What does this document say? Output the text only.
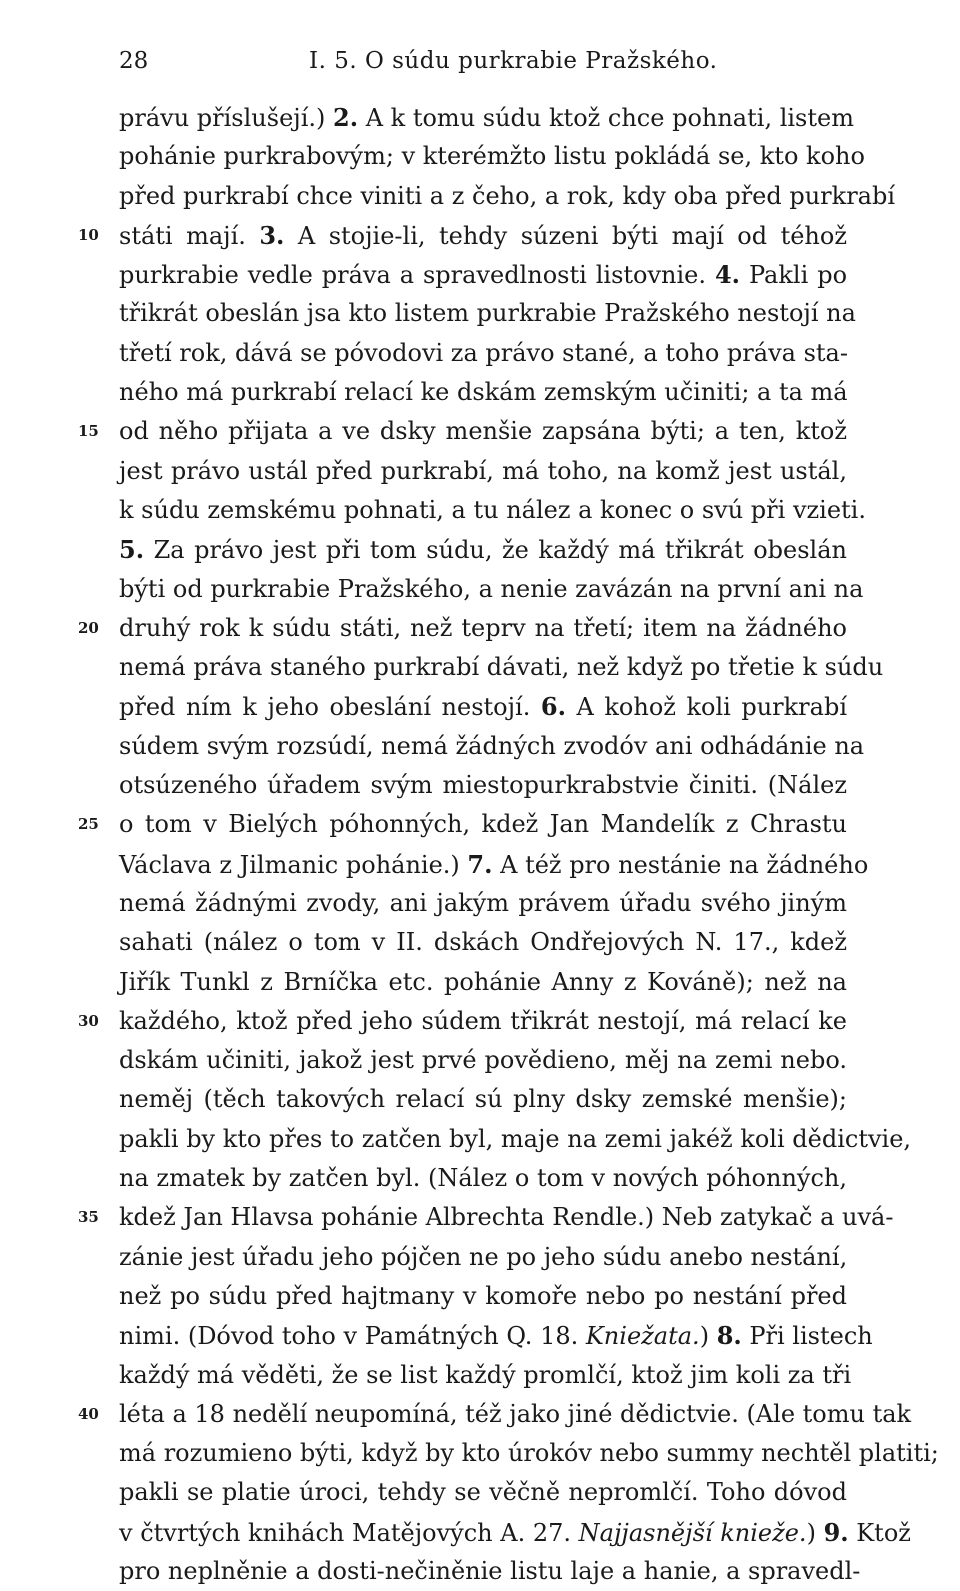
28	I. 5. O súdu purkrabie Pražského.
právu příslušejí.) 2. A k tomu súdu ktož chce pohnati, listem
pohánie purkrabovým; v kterémžto listu pokládá se, kto koho
před purkrabí chce viniti a z čeho, a rok, kdy oba před purkrabí
10 státi mají. 3. A stojie-li, tehdy súzeni býti mají od téhož
purkrabie vedle práva a spravedlnosti listovnie. 4. Pakli po
třikrát obeslán jsa kto listem purkrabie Pražského nestojí na
třetí rok, dává se póvodovi za právo stané, a toho práva sta-
ného má purkrabí relací ke dskám zemským učiniti; a ta má
15 od něho přijata a ve dsky menšie zapsána býti; a ten, ktož
jest právo ustál před purkrabí, má toho, na komž jest ustál,
k súdu zemskému pohnati, a tu nález a konec o svú při vzieti.
5. Za právo jest při tom súdu, že každý má třikrát obeslán
býti od purkrabie Pražského, a nenie zavázán na první ani na
20 druhý rok k súdu státi, než teprv na třetí; item na žádného
nemá práva staného purkrabí dávati, než když po třetie k súdu
před ním k jeho obeslání nestojí. 6. A kohož koli purkrabí
súdem svým rozsúdí, nemá žádných zvodóv ani odhádánie na
otsúzeného úřadem svým miestopurkrabstvie činiti. (Nález
25 o tom v Bielých póhonných, kdež Jan Mandelík z Chrastu
Václava z Jilmanic pohánie.) 7. A též pro nestánie na žádného
nemá žádnými zvody, ani jakým právem úřadu svého jiným
sahati (nález o tom v II. dskách Ondřejových N. 17., kdež
Jiřík Tunkl z Brníčka etc. pohánie Anny z Kováně); než na
30 každého, ktož před jeho súdem třikrát nestojí, má relací ke
dskám učiniti, jakož jest prvé povědieno, měj na zemi nebo.
neměj (těch takových relací sú plny dsky zemské menšie);
pakli by kto přes to zatčen byl, maje na zemi jakéž koli dědictvie,
na zmatek by zatčen byl. (Nález o tom v nových póhonných,
35 kdež Jan Hlavsa pohánie Albrechta Rendle.) Neb zatykač a uvá-
zánie jest úřadu jeho pójčen ne po jeho súdu anebo nestání,
než po súdu před hajtmany v komoře nebo po nestání před
nimi. (Dóvod toho v Památných Q. 18. Kniežata.) 8. Při listech
každý má věděti, že se list každý promlčí, ktož jim koli za tři
40 léta a 18 nedělí neupomíná, též jako jiné dědictvie. (Ale tomu tak
má rozumieno býti, když by kto úrokóv nebo summy nechtěl platiti;
pakli se platie úroci, tehdy se věčně nepromlčí. Toho dóvod
v čtvrtých knihách Matějových A. 27. Najjasnější knieže.) 9. Ktož
pro neplněnie a dosti-nečiněnie listu laje a hanie, a spravedl-
